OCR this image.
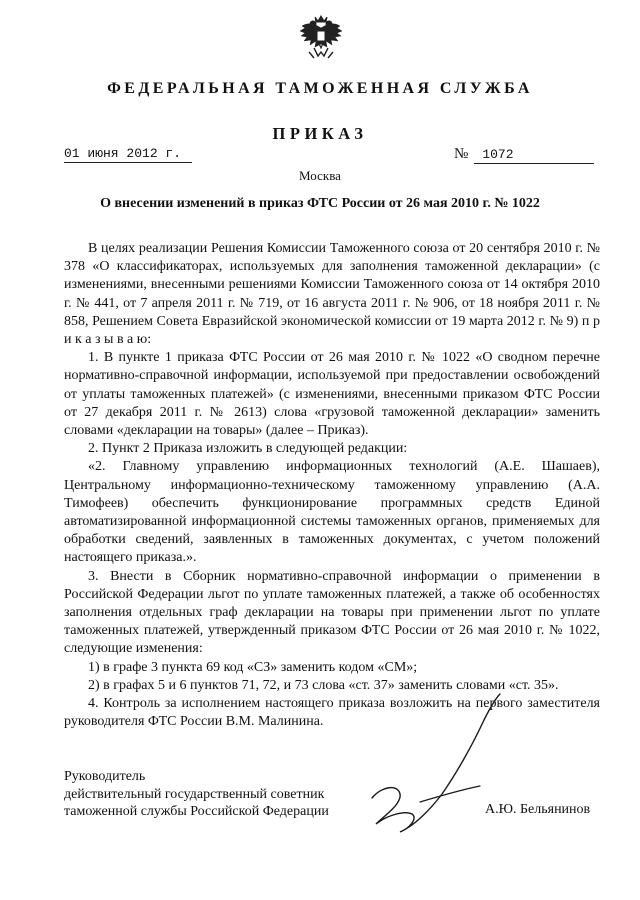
ФЕДЕРАЛЬНАЯ ТАМОЖЕННАЯ СЛУЖБА
ПРИКАЗ
01 июня 2012 г.	№ 1072
Москва
О внесении изменений в приказ ФТС России от 26 мая 2010 г. № 1022

В целях реализации Решения Комиссии Таможенного союза от 20 сентября 2010 г. № 378 «О классификаторах, используемых для заполнения таможенной декларации» (с изменениями, внесенными решениями Комиссии Таможенного союза от 14 октября 2010 г. № 441, от 7 апреля 2011 г. № 719, от 16 августа 2011 г. № 906, от 18 ноября 2011 г. № 858, Решением Совета Евразийской экономической комиссии от 19 марта 2012 г. № 9) п р и к а з ы в а ю:

1. В пункте 1 приказа ФТС России от 26 мая 2010 г. № 1022 «О сводном перечне нормативно-справочной информации, используемой при предоставлении освобождений от уплаты таможенных платежей» (с изменениями, внесенными приказом ФТС России от 27 декабря 2011 г. № 2613) слова «грузовой таможенной декларации» заменить словами «декларации на товары» (далее – Приказ).

2. Пункт 2 Приказа изложить в следующей редакции:

«2. Главному управлению информационных технологий (А.Е. Шашаев), Центральному информационно-техническому таможенному управлению (А.А. Тимофеев) обеспечить функционирование программных средств Единой автоматизированной информационной системы таможенных органов, применяемых для обработки сведений, заявленных в таможенных документах, с учетом положений настоящего приказа.».

3. Внести в Сборник нормативно-справочной информации о применении в Российской Федерации льгот по уплате таможенных платежей, а также об особенностях заполнения отдельных граф декларации на товары при применении льгот по уплате таможенных платежей, утвержденный приказом ФТС России от 26 мая 2010 г. № 1022, следующие изменения:

1) в графе 3 пункта 69 код «СЗ» заменить кодом «СМ»;

2) в графах 5 и 6 пунктов 71, 72, и 73 слова «ст. 37» заменить словами «ст. 35».

4. Контроль за исполнением настоящего приказа возложить на первого заместителя руководителя ФТС России В.М. Малинина.

Руководитель
действительный государственный советник
таможенной службы Российской Федерации	А.Ю. Бельянинов
